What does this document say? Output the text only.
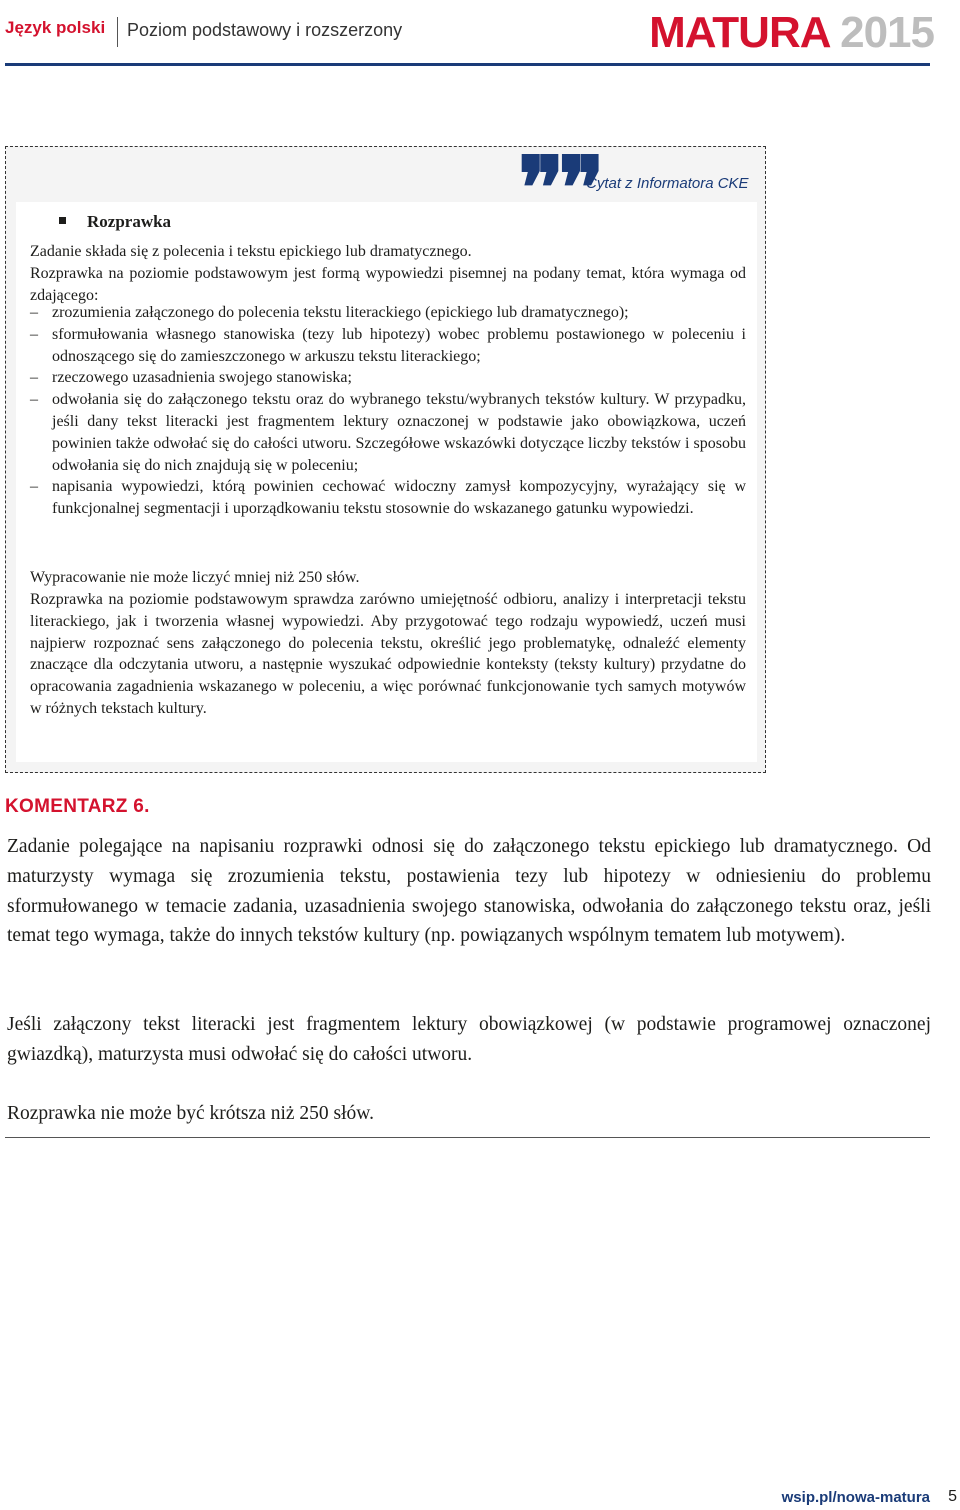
Język polski Poziom podstawowy i rozszerzony	MATURA 2015
❞❞
Cytat z Informatora CKE
Rozprawka

Zadanie składa się z polecenia i tekstu epickiego lub dramatycznego.

Rozprawka na poziomie podstawowym jest formą wypowiedzi pisemnej na podany temat, która wymaga od zdającego:

– zrozumienia załączonego do polecenia tekstu literackiego (epickiego lub dramatycznego);
– sformułowania własnego stanowiska (tezy lub hipotezy) wobec problemu postawionego w poleceniu i odnoszącego się do zamieszczonego w arkuszu tekstu literackiego;
– rzeczowego uzasadnienia swojego stanowiska;
– odwołania się do załączonego tekstu oraz do wybranego tekstu/wybranych tekstów kultury. W przypadku, jeśli dany tekst literacki jest fragmentem lektury oznaczonej w podstawie jako obowiązkowa, uczeń powinien także odwołać się do całości utworu. Szczegółowe wskazówki dotyczące liczby tekstów i sposobu odwołania się do nich znajdują się w poleceniu;
– napisania wypowiedzi, którą powinien cechować widoczny zamysł kompozycyjny, wyrażający się w funkcjonalnej segmentacji i uporządkowaniu tekstu stosownie do wskazanego gatunku wypowiedzi.

Wypracowanie nie może liczyć mniej niż 250 słów.

Rozprawka na poziomie podstawowym sprawdza zarówno umiejętność odbioru, analizy i interpretacji tekstu literackiego, jak i tworzenia własnej wypowiedzi. Aby przygotować tego rodzaju wypowiedź, uczeń musi najpierw rozpoznać sens załączonego do polecenia tekstu, określić jego problematykę, odnaleźć elementy znaczące dla odczytania utworu, a następnie wyszukać odpowiednie konteksty (teksty kultury) przydatne do opracowania zagadnienia wskazanego w poleceniu, a więc porównać funkcjonowanie tych samych motywów w różnych tekstach kultury.

KOMENTARZ 6.

Zadanie polegające na napisaniu rozprawki odnosi się do załączonego tekstu epickiego lub dramatycznego. Od maturzysty wymaga się zrozumienia tekstu, postawienia tezy lub hipotezy w odniesieniu do problemu sformułowanego w temacie zadania, uzasadnienia swojego stanowiska, odwołania do załączonego tekstu oraz, jeśli temat tego wymaga, także do innych tekstów kultury (np. powiązanych wspólnym tematem lub motywem).

Jeśli załączony tekst literacki jest fragmentem lektury obowiązkowej (w podstawie programowej oznaczonej gwiazdką), maturzysta musi odwołać się do całości utworu.

Rozprawka nie może być krótsza niż 250 słów.

wsip.pl/nowa-matura 5
